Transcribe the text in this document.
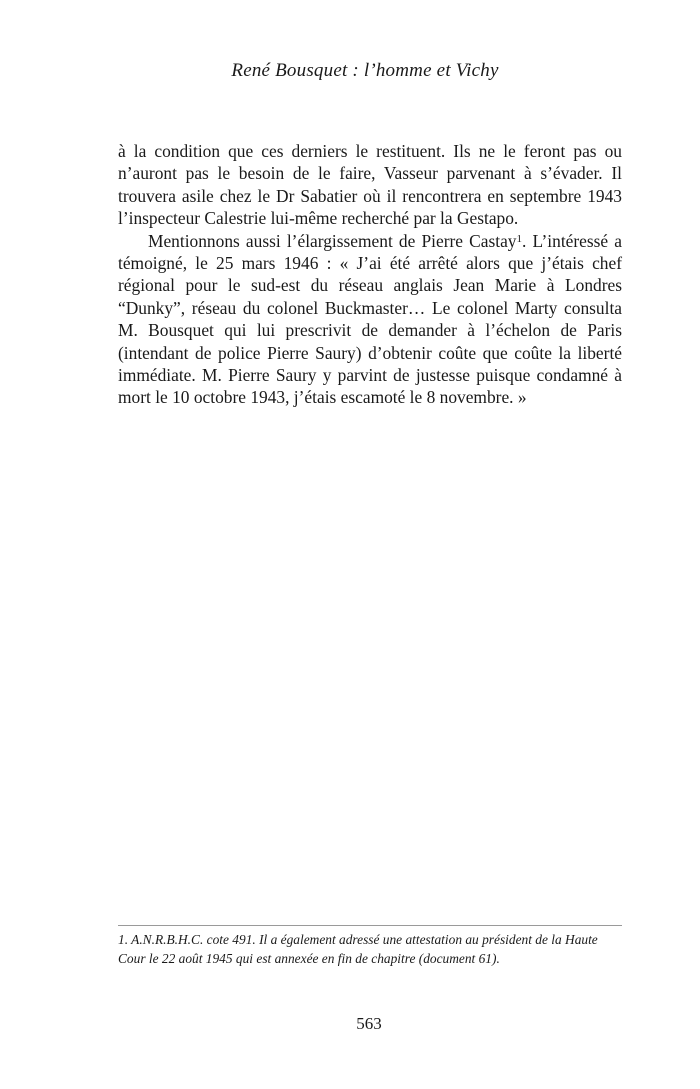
René Bousquet : l’homme et Vichy

à la condition que ces derniers le restituent. Ils ne le feront pas ou n’auront pas le besoin de le faire, Vasseur parvenant à s’évader. Il trouvera asile chez le Dr Sabatier où il rencontrera en septembre 1943 l’inspecteur Calestrie lui-même recherché par la Gestapo.

Mentionnons aussi l’élargissement de Pierre Castay$^1$. L’intéressé a témoigné, le 25 mars 1946 : « J’ai été arrêté alors que j’étais chef régional pour le sud-est du réseau anglais Jean Marie à Londres “Dunky”, réseau du colonel Buckmaster… Le colonel Marty consulta M. Bousquet qui lui prescrivit de demander à l’échelon de Paris (intendant de police Pierre Saury) d’obtenir coûte que coûte la liberté immédiate. M. Pierre Saury y parvint de justesse puisque condamné à mort le 10 octobre 1943, j’étais escamoté le 8 novembre. »

1. A.N.R.B.H.C. cote 491. Il a également adressé une attestation au président de la Haute Cour le 22 août 1945 qui est annexée en fin de chapitre (document 61).

563
